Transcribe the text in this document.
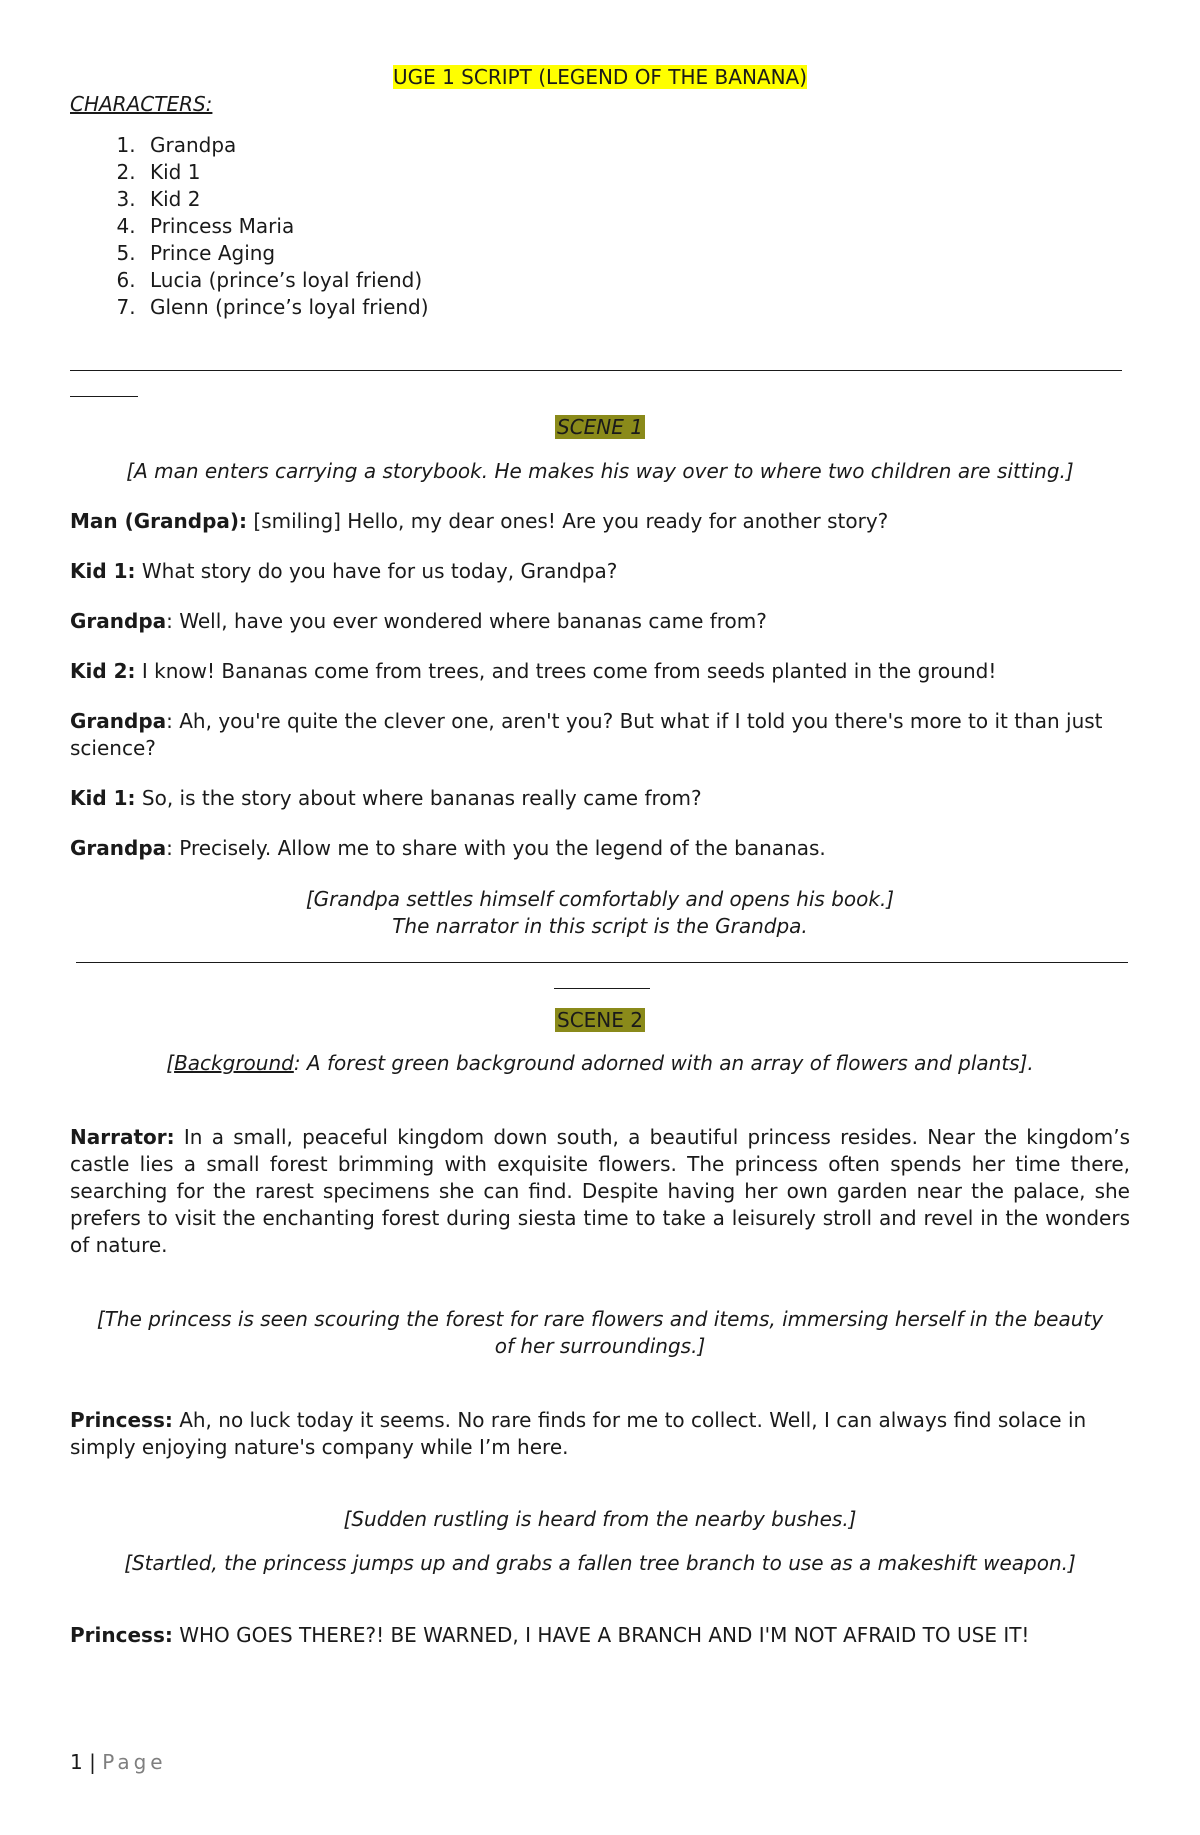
UGE 1 SCRIPT (LEGEND OF THE BANANA)

CHARACTERS:

1. Grandpa
2. Kid 1
3. Kid 2
4. Princess Maria
5. Prince Aging
6. Lucia (prince’s loyal friend)
7. Glenn (prince’s loyal friend)
SCENE 1

[A man enters carrying a storybook. He makes his way over to where two children are sitting.]

Man (Grandpa): [smiling] Hello, my dear ones! Are you ready for another story?

Kid 1: What story do you have for us today, Grandpa?

Grandpa: Well, have you ever wondered where bananas came from?

Kid 2: I know! Bananas come from trees, and trees come from seeds planted in the ground!

Grandpa: Ah, you're quite the clever one, aren't you? But what if I told you there's more to it than just science?

Kid 1: So, is the story about where bananas really came from?

Grandpa: Precisely. Allow me to share with you the legend of the bananas.

[Grandpa settles himself comfortably and opens his book.]

The narrator in this script is the Grandpa.

SCENE 2

[Background: A forest green background adorned with an array of flowers and plants].

Narrator: In a small, peaceful kingdom down south, a beautiful princess resides. Near the kingdom’s castle lies a small forest brimming with exquisite flowers. The princess often spends her time there, searching for the rarest specimens she can find. Despite having her own garden near the palace, she prefers to visit the enchanting forest during siesta time to take a leisurely stroll and revel in the wonders of nature.

[The princess is seen scouring the forest for rare flowers and items, immersing herself in the beauty of her surroundings.]

Princess: Ah, no luck today it seems. No rare finds for me to collect. Well, I can always find solace in simply enjoying nature's company while I’m here.

[Sudden rustling is heard from the nearby bushes.]

[Startled, the princess jumps up and grabs a fallen tree branch to use as a makeshift weapon.]

Princess: WHO GOES THERE?! BE WARNED, I HAVE A BRANCH AND I'M NOT AFRAID TO USE IT!

1 | Page
